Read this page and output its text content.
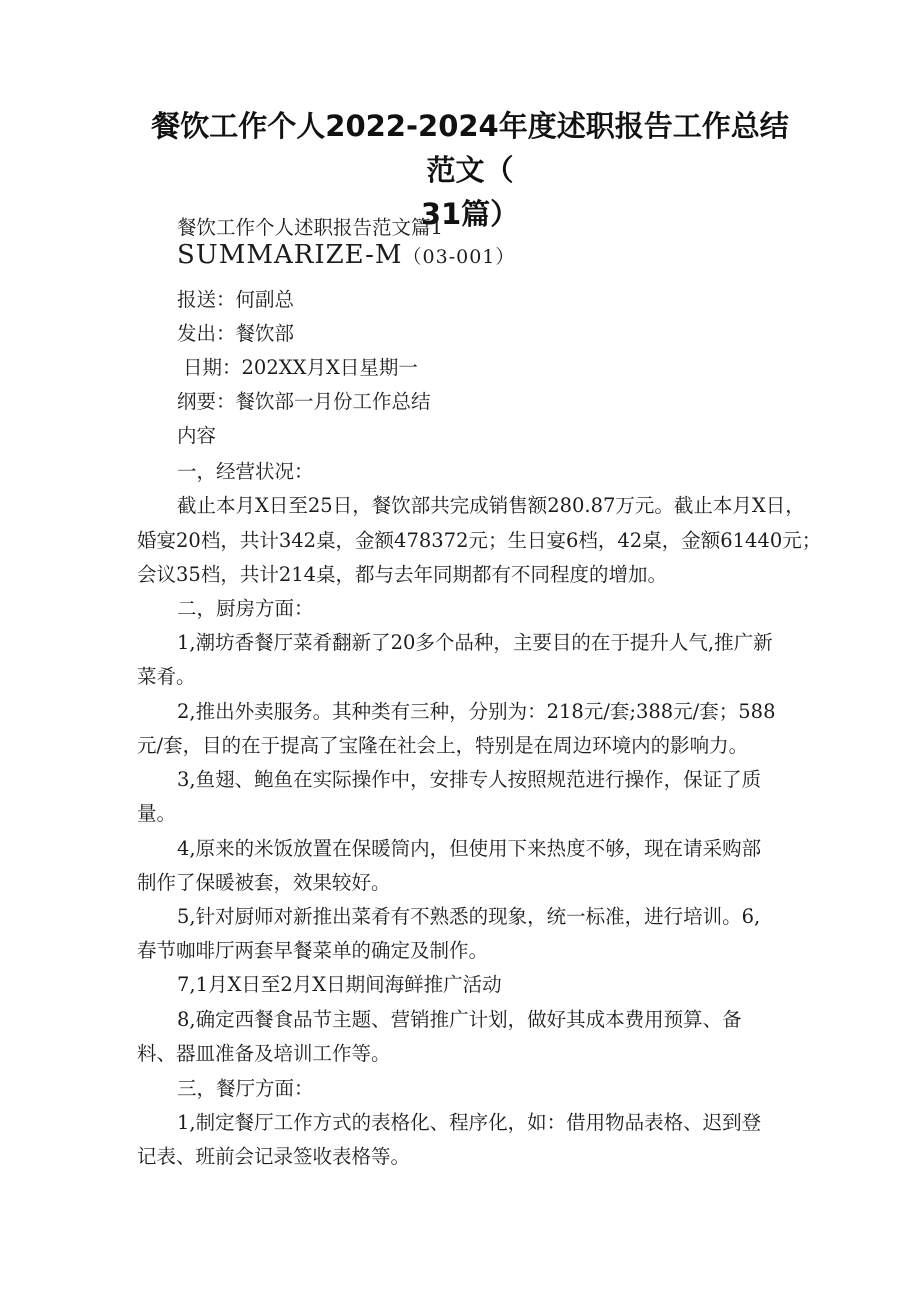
餐饮工作个人2022-2024年度述职报告工作总结范文（
31篇）
餐饮工作个人述职报告范文篇1
SUMMARIZE-M（03-001）
报送：何副总
发出：餐饮部
日期：202XX月X日星期一
纲要：餐饮部一月份工作总结
内容
一，经营状况：
截止本月X日至25日，餐饮部共完成销售额280.87万元。截止本月X日，
婚宴20档，共计342桌，金额478372元；生日宴6档，42桌，金额61440元；
会议35档，共计214桌，都与去年同期都有不同程度的增加。
二，厨房方面：
1,潮坊香餐厅菜肴翻新了20多个品种，主要目的在于提升人气,推广新
菜肴。
2,推出外卖服务。其种类有三种，分别为：218元/套;388元/套；588
元/套，目的在于提高了宝隆在社会上，特别是在周边环境内的影响力。
3,鱼翅、鲍鱼在实际操作中，安排专人按照规范进行操作，保证了质
量。
4,原来的米饭放置在保暖筒内，但使用下来热度不够，现在请采购部
制作了保暖被套，效果较好。
5,针对厨师对新推出菜肴有不熟悉的现象，统一标准，进行培训。6,
春节咖啡厅两套早餐菜单的确定及制作。
7,1月X日至2月X日期间海鲜推广活动
8,确定西餐食品节主题、营销推广计划，做好其成本费用预算、备
料、器皿准备及培训工作等。
三，餐厅方面：
1,制定餐厅工作方式的表格化、程序化，如：借用物品表格、迟到登
记表、班前会记录签收表格等。
